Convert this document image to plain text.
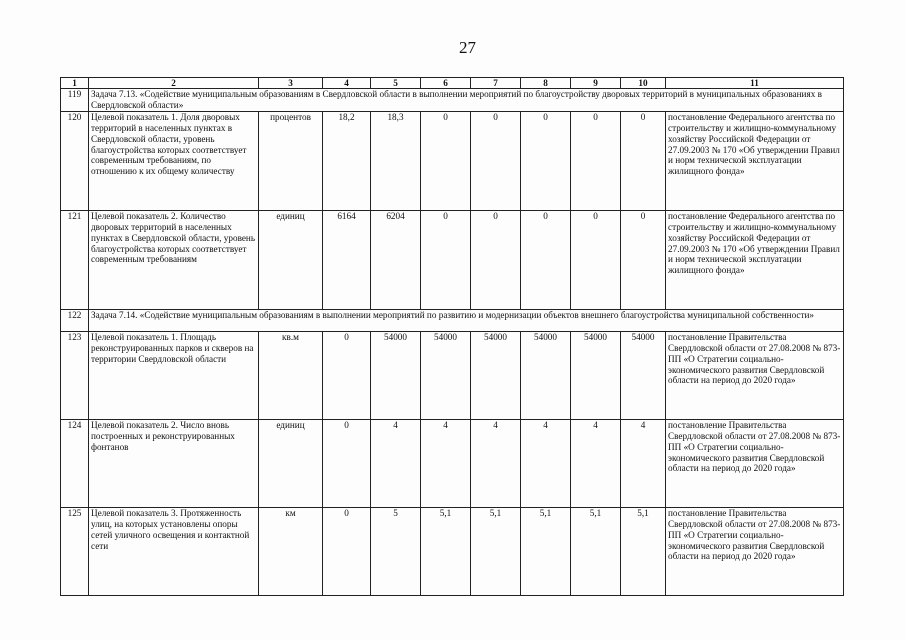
27
1	2	3	4	5	6	7	8	9	10	11
119	Задача 7.13. «Содействие муниципальным образованиям в Свердловской области в выполнении мероприятий по благоустройству дворовых территорий в муниципальных образованиях в Свердловской области»									
120	Целевой показатель 1. Доля дворовых территорий в населенных пунктах в Свердловской области, уровень благоустройства которых соответствует современным требованиям, по отношению к их общему количеству	процентов	18,2	18,3	0	0	0	0	0	постановление Федерального агентства по строительству и жилищно-коммунальному хозяйству Российской Федерации от 27.09.2003 № 170 «Об утверждении Правил и норм технической эксплуатации жилищного фонда»
121	Целевой показатель 2. Количество дворовых территорий в населенных пунктах в Свердловской области, уровень благоустройства которых соответствует современным требованиям	единиц	6164	6204	0	0	0	0	0	постановление Федерального агентства по строительству и жилищно-коммунальному хозяйству Российской Федерации от 27.09.2003 № 170 «Об утверждении Правил и норм технической эксплуатации жилищного фонда»
122	Задача 7.14. «Содействие муниципальным образованиям в выполнении мероприятий по развитию и модернизации объектов внешнего благоустройства муниципальной собственности»									
123	Целевой показатель 1. Площадь реконструированных парков и скверов на территории Свердловской области	кв.м	0	54000	54000	54000	54000	54000	54000	постановление Правительства Свердловской области от 27.08.2008 № 873-ПП «О Стратегии социально-экономического развития Свердловской области на период до 2020 года»
124	Целевой показатель 2. Число вновь построенных и реконструированных фонтанов	единиц	0	4	4	4	4	4	4	постановление Правительства Свердловской области от 27.08.2008 № 873-ПП «О Стратегии социально-экономического развития Свердловской области на период до 2020 года»
125	Целевой показатель 3. Протяженность улиц, на которых установлены опоры сетей уличного освещения и контактной сети	км	0	5	5,1	5,1	5,1	5,1	5,1	постановление Правительства Свердловской области от 27.08.2008 № 873-ПП «О Стратегии социально-экономического развития Свердловской области на период до 2020 года»
